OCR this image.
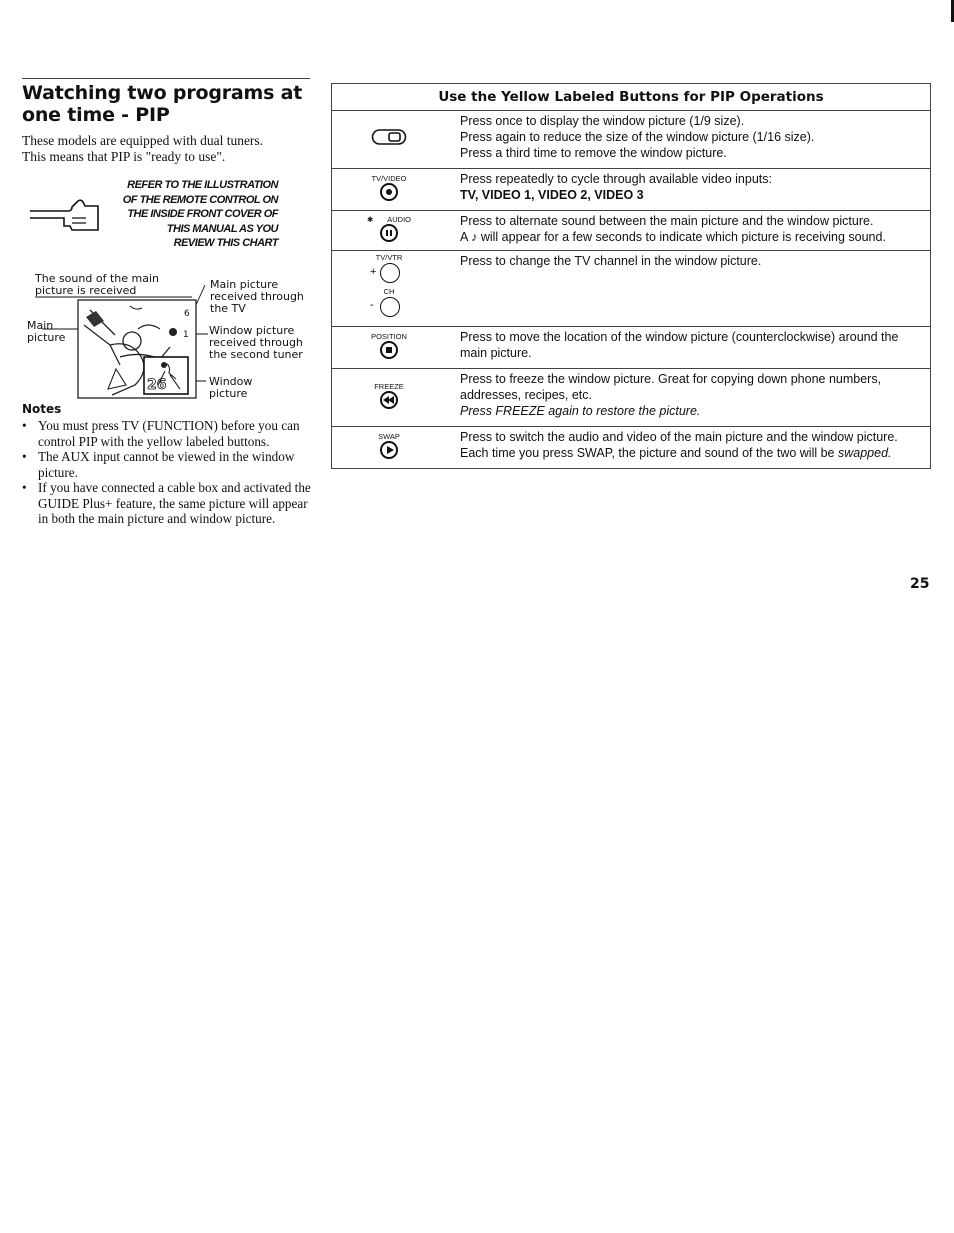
Watching two programs at
one time - PIP
These models are equipped with dual tuners.
This means that PIP is "ready to use".
REFER TO THE ILLUSTRATION
OF THE REMOTE CONTROL ON
THE INSIDE FRONT COVER OF
THIS MANUAL AS YOU
REVIEW THIS CHART
The sound of the main
picture is received	Main picture
received through
the TV
Main
picture
Window picture
received through
the second tuner
Window
picture
26
6
1
Notes
• You must press TV (FUNCTION) before you can control PIP with the yellow labeled buttons.
• The AUX input cannot be viewed in the window picture.
• If you have connected a cable box and activated the GUIDE Plus+ feature, the same picture will appear in both the main picture and window picture.
Use the Yellow Labeled Buttons for PIP Operations	

Press once to display the window picture (1/9 size).
Press again to reduce the size of the window picture (1/16 size).
Press a third time to remove the window picture.

TV/VIDEO	Press repeatedly to cycle through available video inputs:
TV, VIDEO 1, VIDEO 2, VIDEO 3

✱ AUDIO	Press to alternate sound between the main picture and the window picture.
A ♪ will appear for a few seconds to indicate which picture is receiving sound.

TV/VTR
+
CH
-	Press to change the TV channel in the window picture.

POSITION	Press to move the location of the window picture (counterclockwise) around the
main picture.

FREEZE	Press to freeze the window picture. Great for copying down phone numbers,
addresses, recipes, etc.
Press FREEZE again to restore the picture.

SWAP	Press to switch the audio and video of the main picture and the window picture.
Each time you press SWAP, the picture and sound of the two will be swapped.
25
